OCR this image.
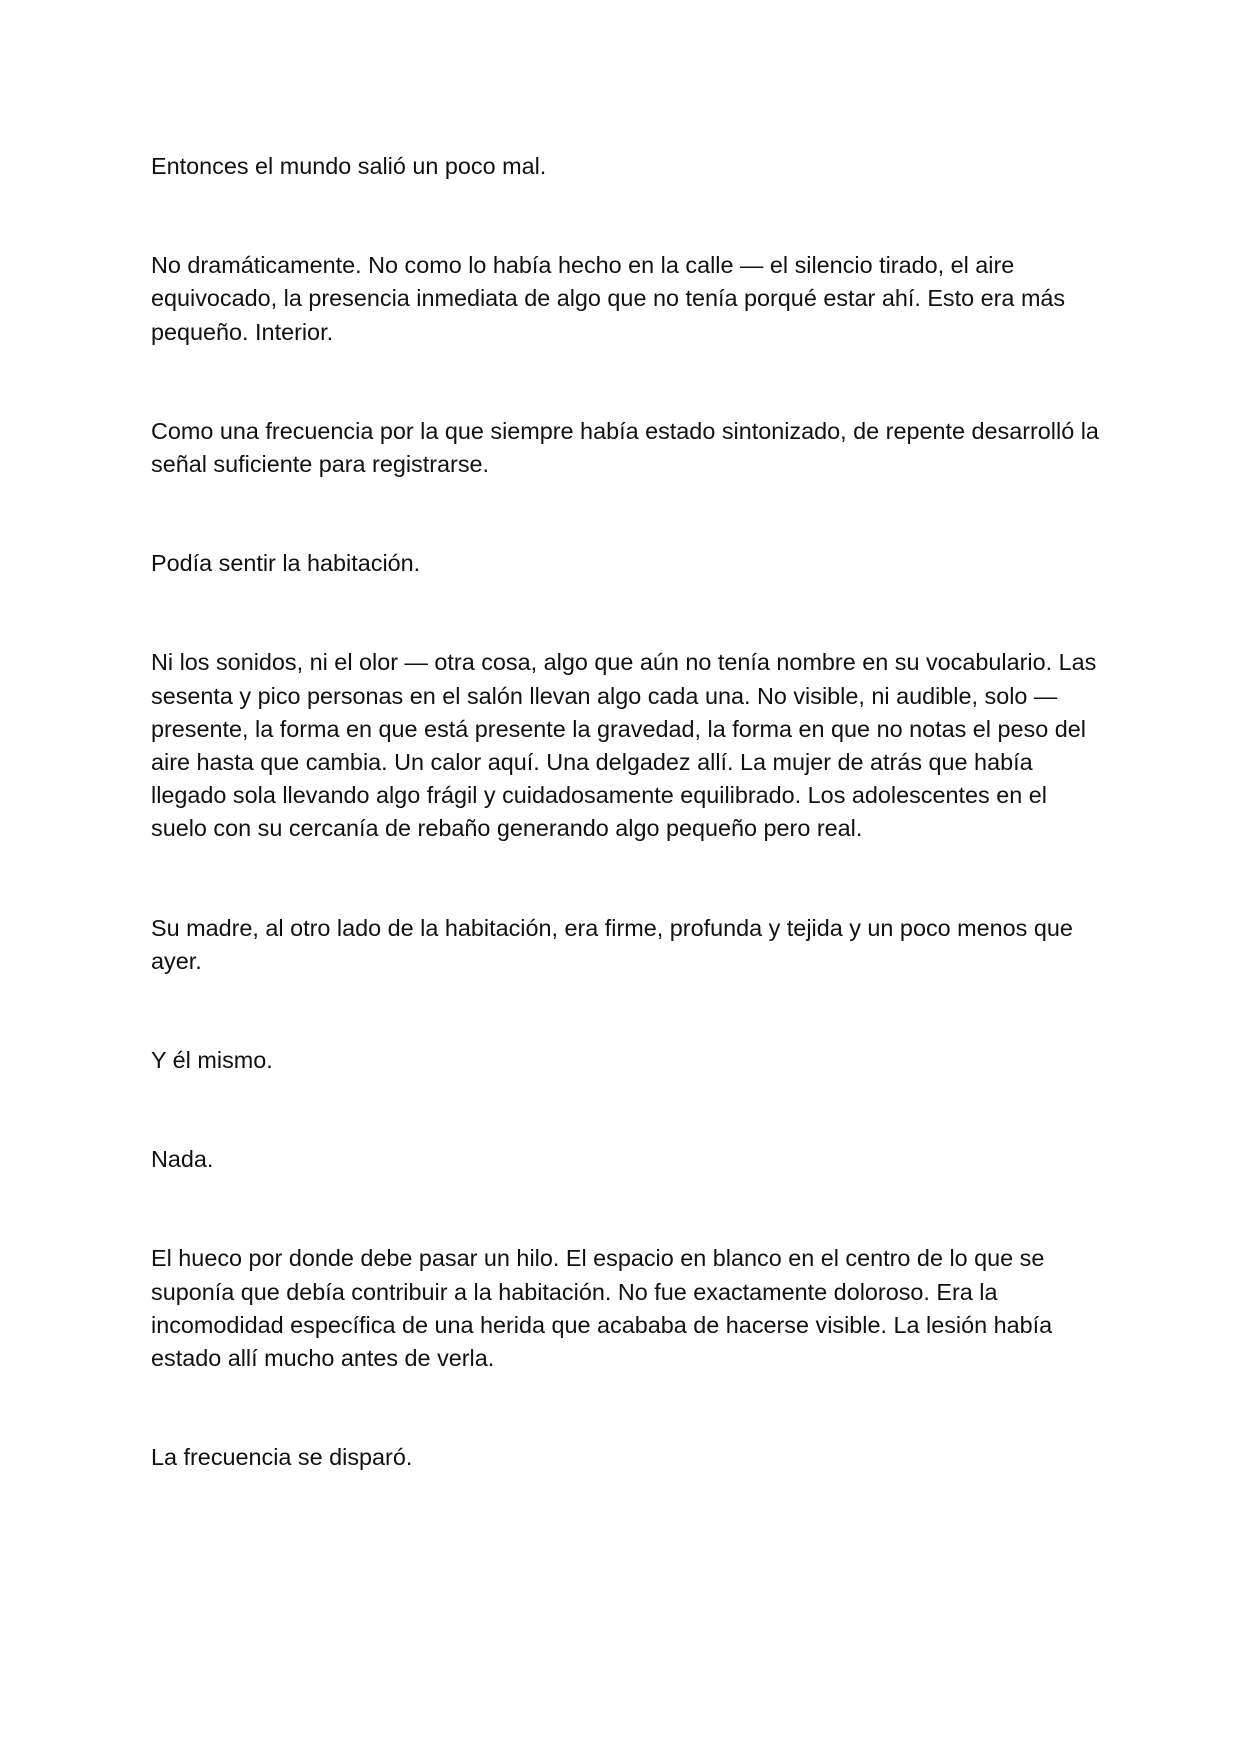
Entonces el mundo salió un poco mal.

No dramáticamente. No como lo había hecho en la calle — el silencio tirado, el aire equivocado, la presencia inmediata de algo que no tenía porqué estar ahí. Esto era más pequeño. Interior.

Como una frecuencia por la que siempre había estado sintonizado, de repente desarrolló la señal suficiente para registrarse.

Podía sentir la habitación.

Ni los sonidos, ni el olor — otra cosa, algo que aún no tenía nombre en su vocabulario. Las sesenta y pico personas en el salón llevan algo cada una. No visible, ni audible, solo — presente, la forma en que está presente la gravedad, la forma en que no notas el peso del aire hasta que cambia. Un calor aquí. Una delgadez allí. La mujer de atrás que había llegado sola llevando algo frágil y cuidadosamente equilibrado. Los adolescentes en el suelo con su cercanía de rebaño generando algo pequeño pero real.

Su madre, al otro lado de la habitación, era firme, profunda y tejida y un poco menos que ayer.

Y él mismo.

Nada.

El hueco por donde debe pasar un hilo. El espacio en blanco en el centro de lo que se suponía que debía contribuir a la habitación. No fue exactamente doloroso. Era la incomodidad específica de una herida que acababa de hacerse visible. La lesión había estado allí mucho antes de verla.

La frecuencia se disparó.
